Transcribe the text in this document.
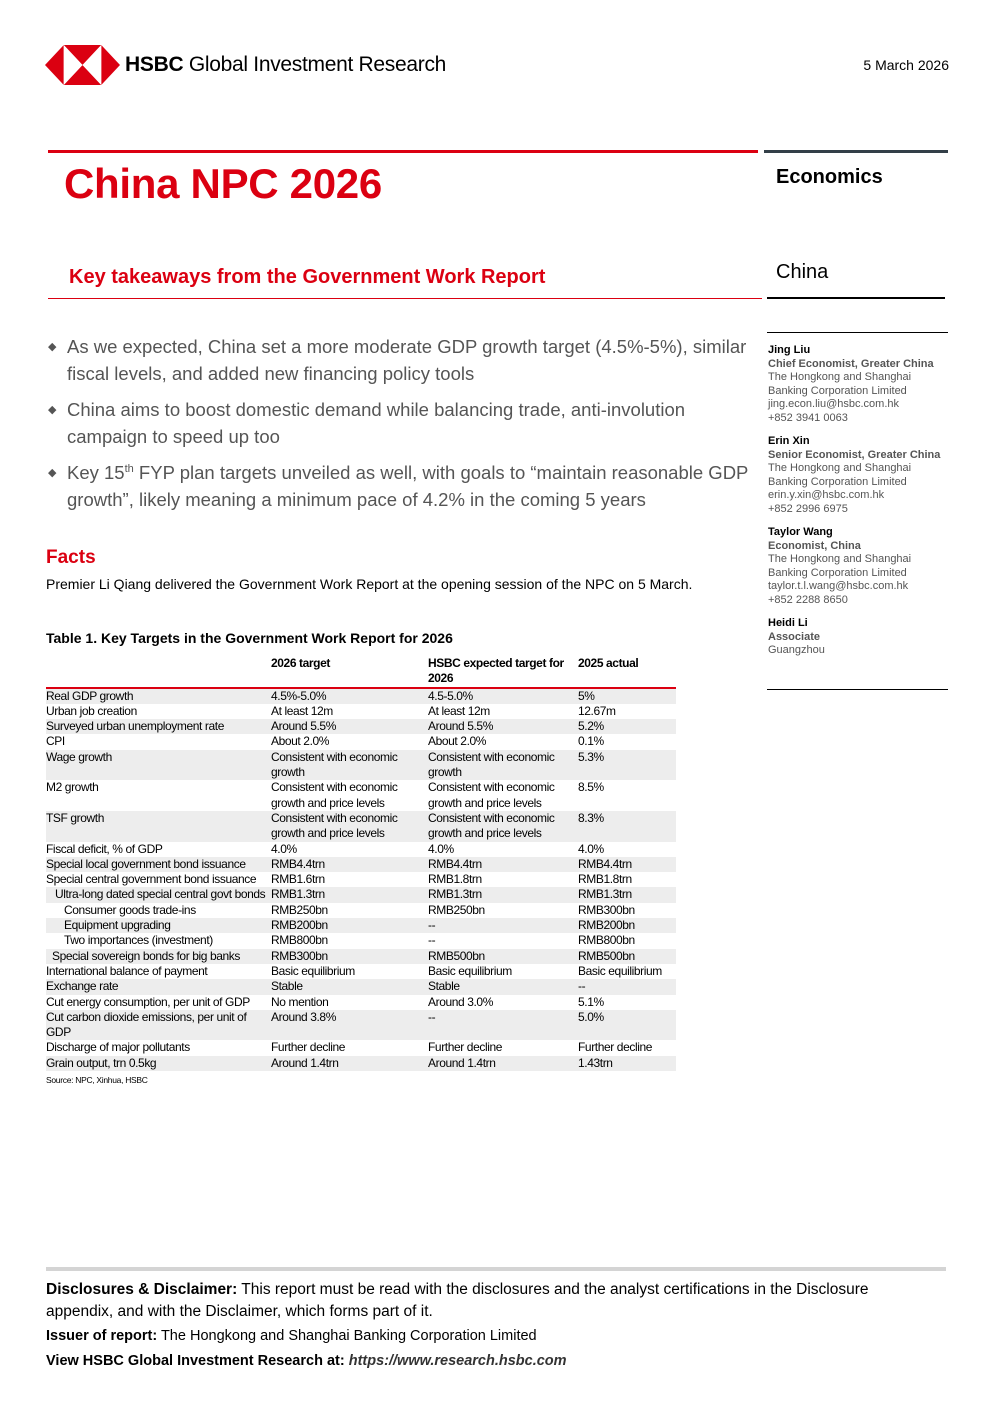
HSBC Global Investment Research	5 March 2026
China NPC 2026	Economics
Key takeaways from the Government Work Report	China
◆ As we expected, China set a more moderate GDP growth target (4.5%-5%), similar fiscal levels, and added new financing policy tools
◆ China aims to boost domestic demand while balancing trade, anti-involution campaign to speed up too
◆ Key 15th FYP plan targets unveiled as well, with goals to “maintain reasonable GDP growth”, likely meaning a minimum pace of 4.2% in the coming 5 years
Facts
Premier Li Qiang delivered the Government Work Report at the opening session of the NPC on 5 March.
Table 1. Key Targets in the Government Work Report for 2026
	2026 target	HSBC expected target for 2026	2025 actual
Real GDP growth	4.5%-5.0%	4.5-5.0%	5%
Urban job creation	At least 12m	At least 12m	12.67m
Surveyed urban unemployment rate	Around 5.5%	Around 5.5%	5.2%
CPI	About 2.0%	About 2.0%	0.1%
Wage growth	Consistent with economic growth	Consistent with economic growth	5.3%
M2 growth	Consistent with economic growth and price levels	Consistent with economic growth and price levels	8.5%
TSF growth	Consistent with economic growth and price levels	Consistent with economic growth and price levels	8.3%
Fiscal deficit, % of GDP	4.0%	4.0%	4.0%
Special local government bond issuance	RMB4.4trn	RMB4.4trn	RMB4.4trn
Special central government bond issuance	RMB1.6trn	RMB1.8trn	RMB1.8trn
Ultra-long dated special central govt bonds	RMB1.3trn	RMB1.3trn	RMB1.3trn
Consumer goods trade-ins	RMB250bn	RMB250bn	RMB300bn
Equipment upgrading	RMB200bn	--	RMB200bn
Two importances (investment)	RMB800bn	--	RMB800bn
Special sovereign bonds for big banks	RMB300bn	RMB500bn	RMB500bn
International balance of payment	Basic equilibrium	Basic equilibrium	Basic equilibrium
Exchange rate	Stable	Stable	--
Cut energy consumption, per unit of GDP	No mention	Around 3.0%	5.1%
Cut carbon dioxide emissions, per unit of GDP	Around 3.8%	--	5.0%
Discharge of major pollutants	Further decline	Further decline	Further decline
Grain output, trn 0.5kg	Around 1.4trn	Around 1.4trn	1.43trn
Source: NPC, Xinhua, HSBC
Jing Liu
Chief Economist, Greater China
The Hongkong and Shanghai Banking Corporation Limited
jing.econ.liu@hsbc.com.hk
+852 3941 0063
Erin Xin
Senior Economist, Greater China
The Hongkong and Shanghai Banking Corporation Limited
erin.y.xin@hsbc.com.hk
+852 2996 6975
Taylor Wang
Economist, China
The Hongkong and Shanghai Banking Corporation Limited
taylor.t.l.wang@hsbc.com.hk
+852 2288 8650
Heidi Li
Associate
Guangzhou
Disclosures & Disclaimer: This report must be read with the disclosures and the analyst certifications in the Disclosure appendix, and with the Disclaimer, which forms part of it.
Issuer of report: The Hongkong and Shanghai Banking Corporation Limited
View HSBC Global Investment Research at: https://www.research.hsbc.com
